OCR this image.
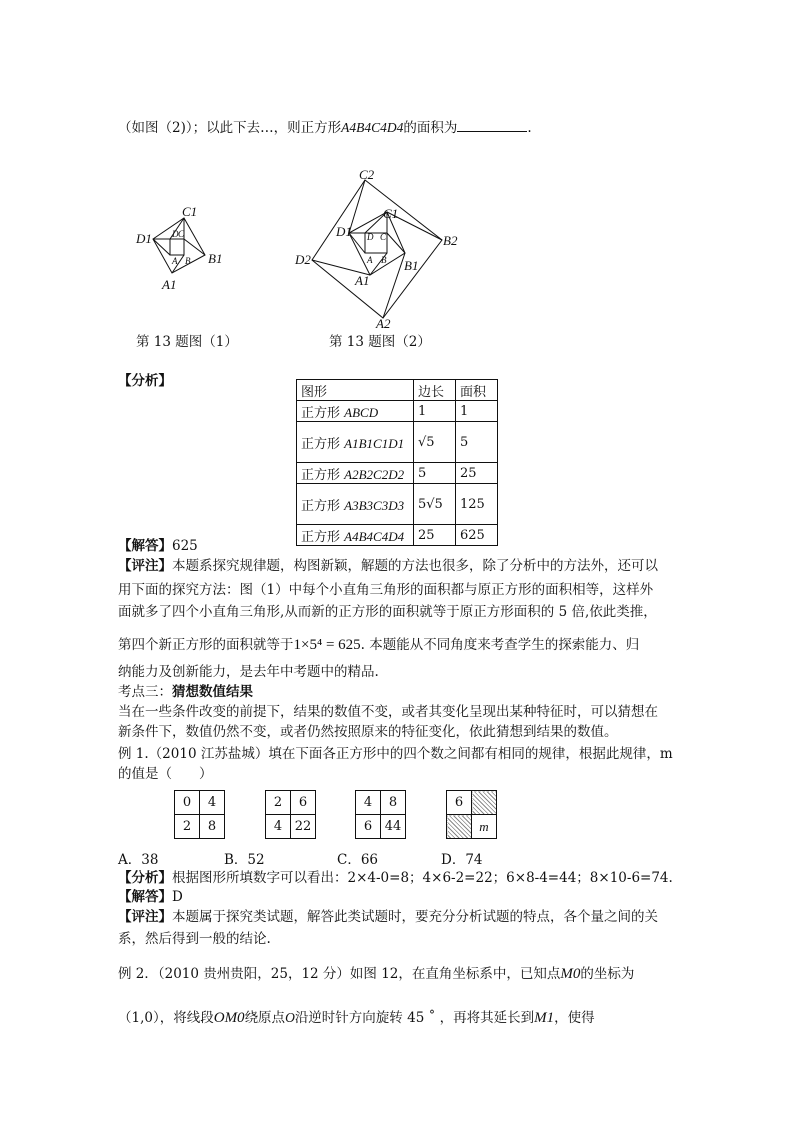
（如图（2)）；以此下去…，则正方形A4B4C4D4的面积为	.
C1
D1
B1
A1
C2
C1
D1
B2
D2	B1
A1
A2
D C
A B
D C
A B
第 13 题图（1）	第 13 题图（2）
【分析】
图形	边长	面积
正方形 ABCD	1	1
正方形 A1B1C1D1	√5	5
正方形 A2B2C2D2	5	25
正方形 A3B3C3D3	5√5	125
正方形 A4B4C4D4	25	625
【解答】625
【评注】本题系探究规律题，构图新颖，解题的方法也很多，除了分析中的方法外，还可以
用下面的探究方法：图（1）中每个小直角三角形的面积都与原正方形的面积相等，这样外
面就多了四个小直角三角形,从而新的正方形的面积就等于原正方形面积的 5 倍,依此类推，
第四个新正方形的面积就等于1×5⁴ = 625. 本题能从不同角度来考查学生的探索能力、归
纳能力及创新能力，是去年中考题中的精品.
考点三：猜想数值结果
当在一些条件改变的前提下，结果的数值不变，或者其变化呈现出某种特征时，可以猜想在
新条件下，数值仍然不变，或者仍然按照原来的特征变化，依此猜想到结果的数值。
例 1.（2010 江苏盐城）填在下面各正方形中的四个数之间都有相同的规律，根据此规律，m
的值是（　　）
0	4
2	8
2	6
4	22
4	8
6	44
6	
	m
A．38	B．52	C．66	D．74
【分析】根据图形所填数字可以看出：2×4-0=8；4×6-2=22；6×8-4=44；8×10-6=74.
【解答】D
【评注】本题属于探究类试题，解答此类试题时，要充分分析试题的特点，各个量之间的关
系，然后得到一般的结论.
例 2．（2010 贵州贵阳，25，12 分）如图 12，在直角坐标系中，已知点M0的坐标为
（1,0），将线段OM0绕原点O沿逆时针方向旋转 45 ˚ ，再将其延长到M1，使得
